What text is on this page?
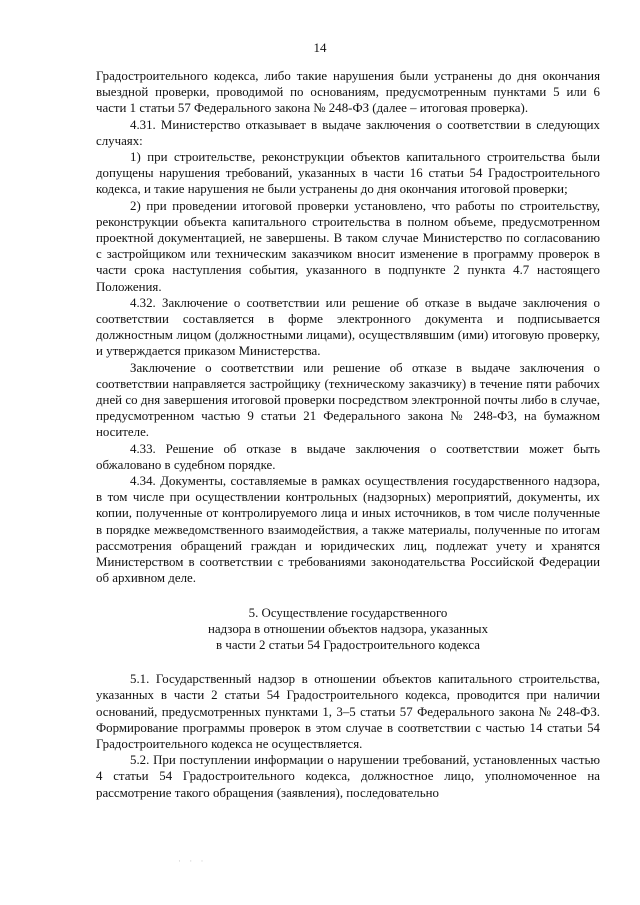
14

Градостроительного кодекса, либо такие нарушения были устранены до дня окончания выездной проверки, проводимой по основаниям, предусмотренным пунктами 5 или 6 части 1 статьи 57 Федерального закона № 248-ФЗ (далее – итоговая проверка).

4.31. Министерство отказывает в выдаче заключения о соответствии в следующих случаях:

1) при строительстве, реконструкции объектов капитального строительства были допущены нарушения требований, указанных в части 16 статьи 54 Градостроительного кодекса, и такие нарушения не были устранены до дня окончания итоговой проверки;

2) при проведении итоговой проверки установлено, что работы по строительству, реконструкции объекта капитального строительства в полном объеме, предусмотренном проектной документацией, не завершены. В таком случае Министерство по согласованию с застройщиком или техническим заказчиком вносит изменение в программу проверок в части срока наступления события, указанного в подпункте 2 пункта 4.7 настоящего Положения.

4.32. Заключение о соответствии или решение об отказе в выдаче заключения о соответствии составляется в форме электронного документа и подписывается должностным лицом (должностными лицами), осуществлявшим (ими) итоговую проверку, и утверждается приказом Министерства.

Заключение о соответствии или решение об отказе в выдаче заключения о соответствии направляется застройщику (техническому заказчику) в течение пяти рабочих дней со дня завершения итоговой проверки посредством электронной почты либо в случае, предусмотренном частью 9 статьи 21 Федерального закона № 248-ФЗ, на бумажном носителе.

4.33. Решение об отказе в выдаче заключения о соответствии может быть обжаловано в судебном порядке.

4.34. Документы, составляемые в рамках осуществления государственного надзора, в том числе при осуществлении контрольных (надзорных) мероприятий, документы, их копии, полученные от контролируемого лица и иных источников, в том числе полученные в порядке межведомственного взаимодействия, а также материалы, полученные по итогам рассмотрения обращений граждан и юридических лиц, подлежат учету и хранятся Министерством в соответствии с требованиями законодательства Российской Федерации об архивном деле.

5. Осуществление государственного
надзора в отношении объектов надзора, указанных
в части 2 статьи 54 Градостроительного кодекса

5.1. Государственный надзор в отношении объектов капитального строительства, указанных в части 2 статьи 54 Градостроительного кодекса, проводится при наличии оснований, предусмотренных пунктами 1, 3–5 статьи 57 Федерального закона № 248-ФЗ. Формирование программы проверок в этом случае в соответствии с частью 14 статьи 54 Градостроительного кодекса не осуществляется.

5.2. При поступлении информации о нарушении требований, установленных частью 4 статьи 54 Градостроительного кодекса, должностное лицо, уполномоченное на рассмотрение такого обращения (заявления), последовательно

· · ·
